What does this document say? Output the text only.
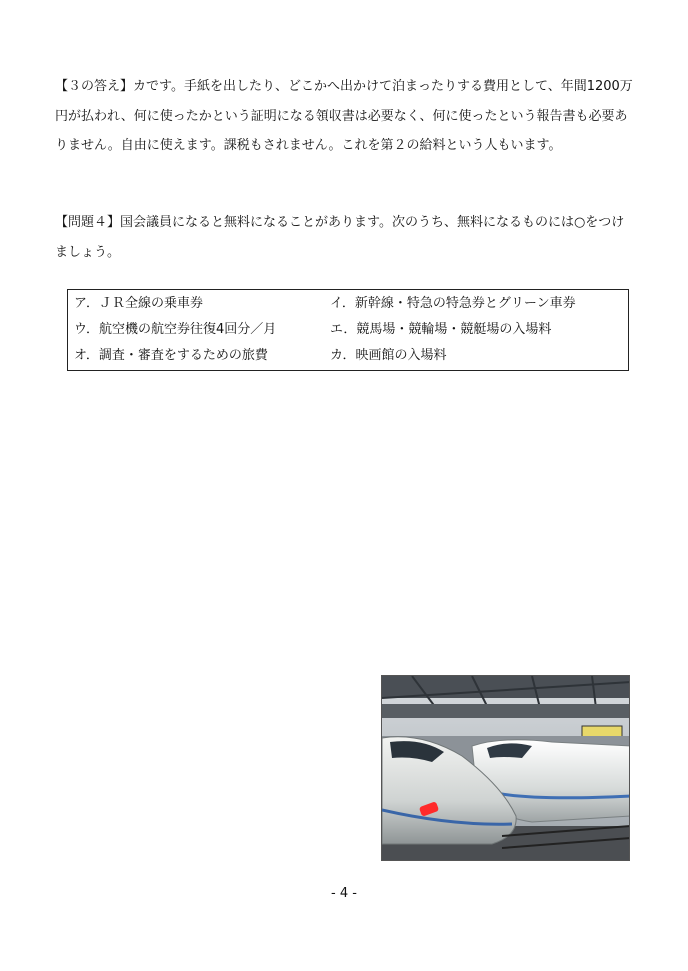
【３の答え】カです。手紙を出したり、どこかへ出かけて泊まったりする費用として、年間1200万円が払われ、何に使ったかという証明になる領収書は必要なく、何に使ったという報告書も必要ありません。自由に使えます。課税もされません。これを第２の給料という人もいます。

【問題４】国会議員になると無料になることがあります。次のうち、無料になるものには○をつけましょう。

ア．ＪＲ全線の乗車券	イ．新幹線・特急の特急券とグリーン車券
ウ．航空機の航空券往復4回分／月	エ．競馬場・競輪場・競艇場の入場料
オ．調査・審査をするための旅費	カ．映画館の入場料
- 4 -
